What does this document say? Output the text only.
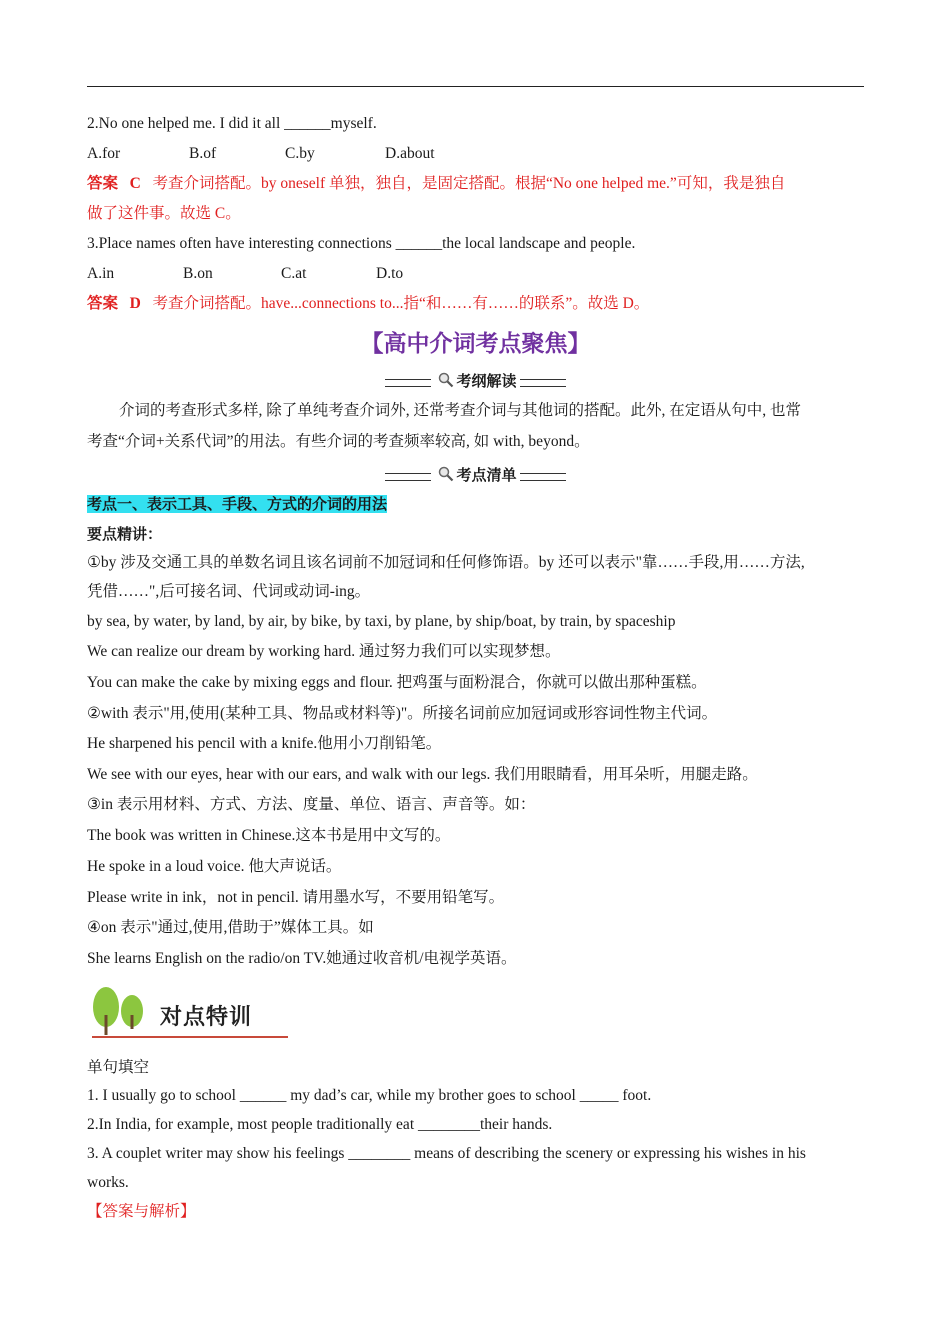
2.No one helped me. I did it all ______myself.
A.for	B.of	C.by	D.about
答案 C 考查介词搭配。by oneself 单独，独自，是固定搭配。根据“No one helped me.”可知，我是独自
做了这件事。故选 C。
3.Place names often have interesting connections ______the local landscape and people.
A.in	B.on	C.at	D.to
答案 D 考查介词搭配。have...connections to...指“和……有……的联系”。故选 D。
【高中介词考点聚焦】
考纲解读
介词的考查形式多样, 除了单纯考查介词外, 还常考查介词与其他词的搭配。此外, 在定语从句中, 也常
考查“介词+关系代词”的用法。有些介词的考查频率较高, 如 with, beyond。
考点清单
考点一、表示工具、手段、方式的介词的用法
要点精讲：
①by 涉及交通工具的单数名词且该名词前不加冠词和任何修饰语。by 还可以表示"靠……手段,用……方法,
凭借……",后可接名词、代词或动词-ing。
by sea, by water, by land, by air, by bike, by taxi, by plane, by ship/boat, by train, by spaceship
We can realize our dream by working hard. 通过努力我们可以实现梦想。
You can make the cake by mixing eggs and flour. 把鸡蛋与面粉混合，你就可以做出那种蛋糕。
②with 表示"用,使用(某种工具、物品或材料等)"。所接名词前应加冠词或形容词性物主代词。
He sharpened his pencil with a knife.他用小刀削铅笔。
We see with our eyes, hear with our ears, and walk with our legs. 我们用眼睛看，用耳朵听，用腿走路。
③in 表示用材料、方式、方法、度量、单位、语言、声音等。如：
The book was written in Chinese.这本书是用中文写的。
He spoke in a loud voice. 他大声说话。
Please write in ink，not in pencil. 请用墨水写，不要用铅笔写。
④on 表示"通过,使用,借助于”媒体工具。如
She learns English on the radio/on TV.她通过收音机/电视学英语。
对点特训
单句填空
1. I usually go to school ______ my dad’s car, while my brother goes to school _____ foot.
2.In India, for example, most people traditionally eat ________their hands.
3. A couplet writer may show his feelings ________ means of describing the scenery or expressing his wishes in his
works.
【答案与解析】
